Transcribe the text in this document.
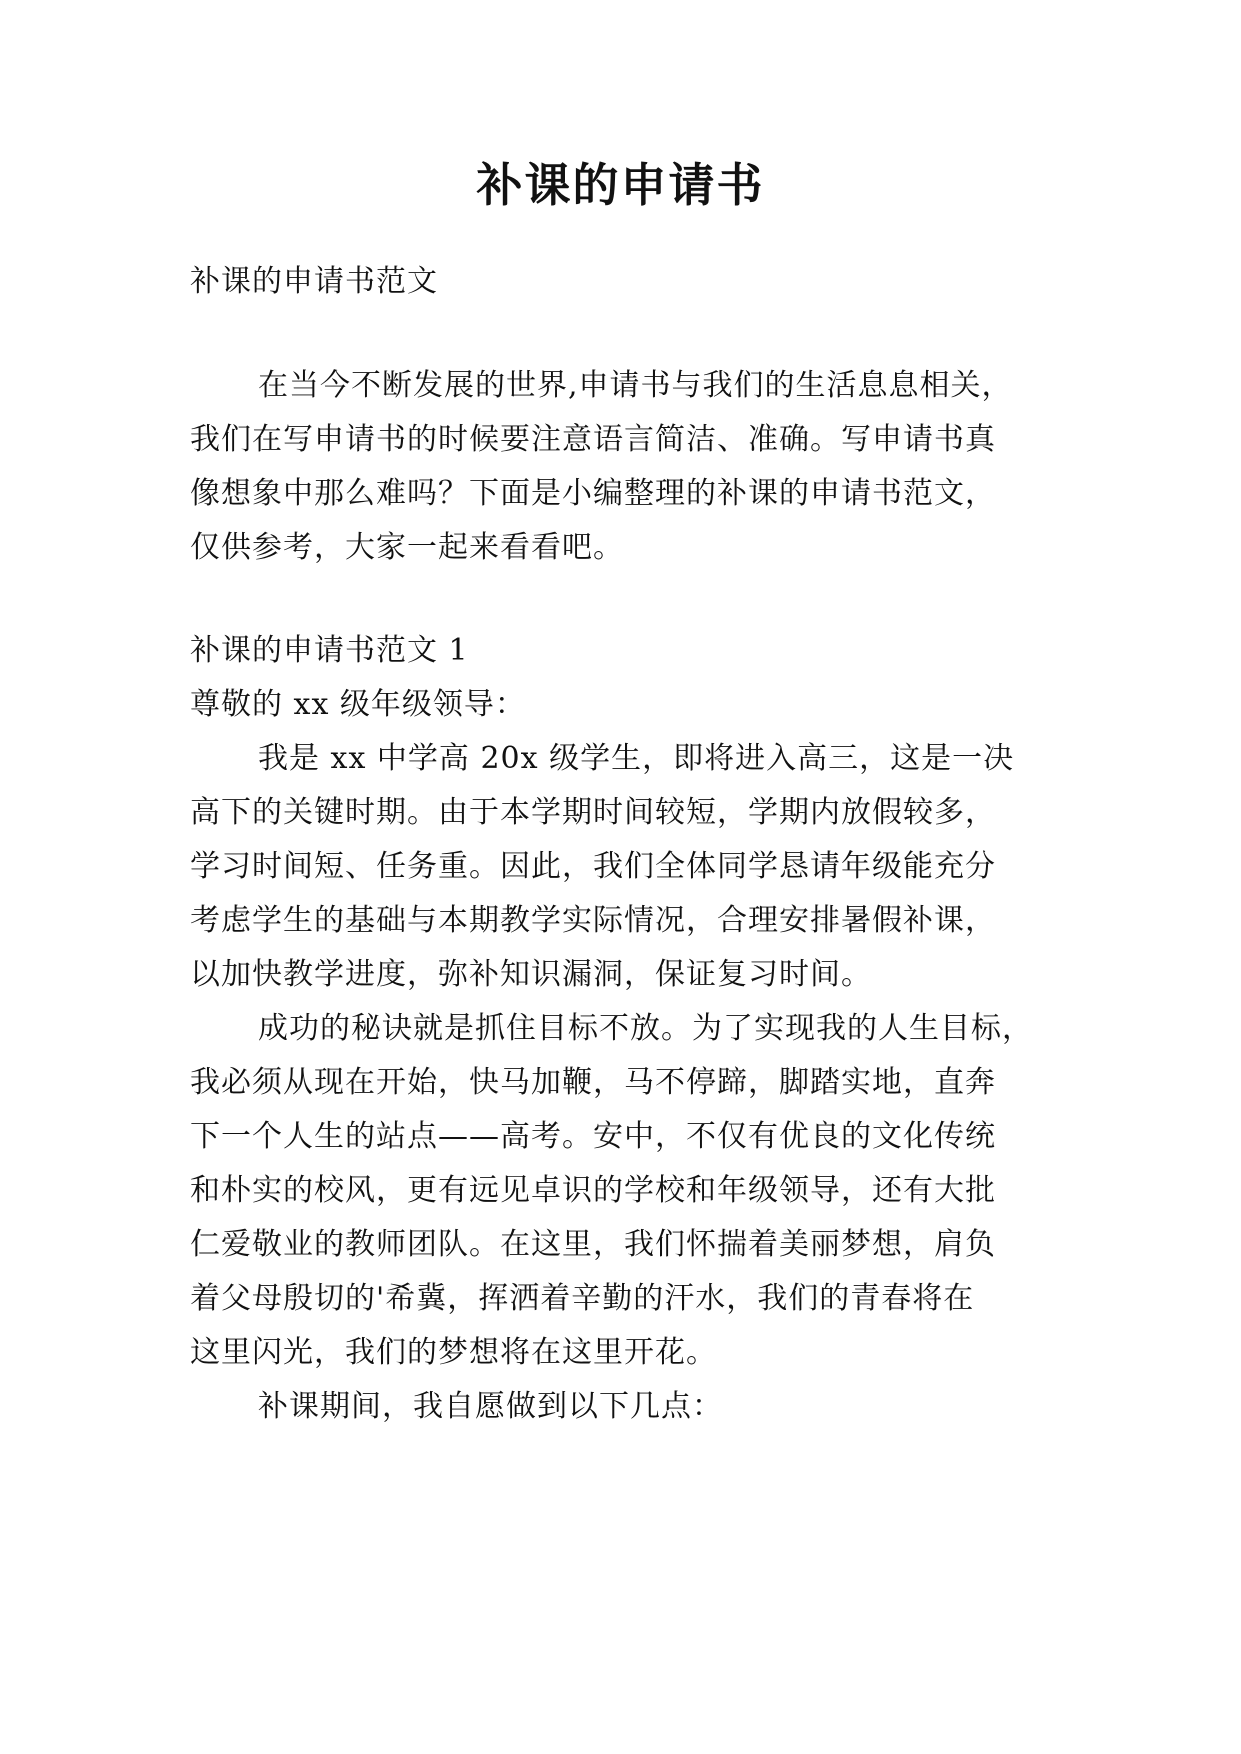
补课的申请书
补课的申请书范文
在当今不断发展的世界,申请书与我们的生活息息相关，
我们在写申请书的时候要注意语言简洁、准确。写申请书真
像想象中那么难吗？下面是小编整理的补课的申请书范文，
仅供参考，大家一起来看看吧。
补课的申请书范文 1
尊敬的 xx 级年级领导：
我是 xx 中学高 20x 级学生，即将进入高三，这是一决
高下的关键时期。由于本学期时间较短，学期内放假较多，
学习时间短、任务重。因此，我们全体同学恳请年级能充分
考虑学生的基础与本期教学实际情况，合理安排暑假补课，
以加快教学进度，弥补知识漏洞，保证复习时间。
成功的秘诀就是抓住目标不放。为了实现我的人生目标，
我必须从现在开始，快马加鞭，马不停蹄，脚踏实地，直奔
下一个人生的站点——高考。安中，不仅有优良的文化传统
和朴实的校风，更有远见卓识的学校和年级领导，还有大批
仁爱敬业的教师团队。在这里，我们怀揣着美丽梦想，肩负
着父母殷切的'希冀，挥洒着辛勤的汗水，我们的青春将在
这里闪光，我们的梦想将在这里开花。
补课期间，我自愿做到以下几点：
